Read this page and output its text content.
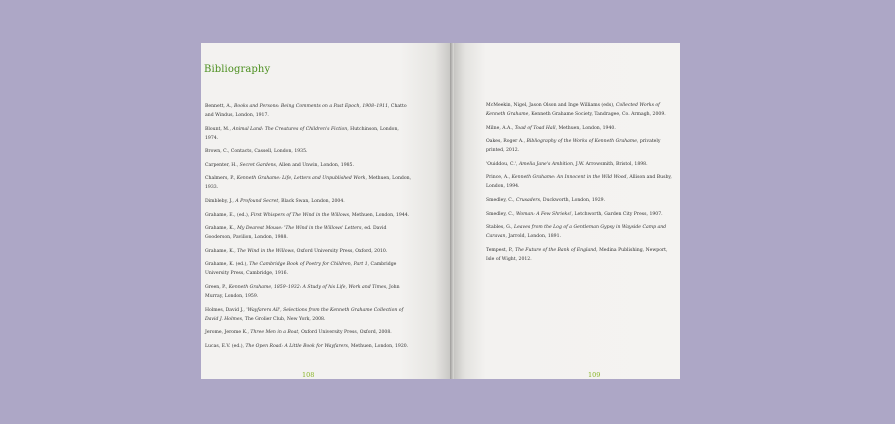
Bibliography
Bennett, A., Books and Persons: Being Comments on a Past Epoch, 1908–1911, Chatto and Windus, London, 1917.
Blount, M., Animal Land: The Creatures of Children's Fiction, Hutchinson, London, 1974.
Brown, C., Contacts, Cassell, London, 1935.
Carpenter, H., Secret Gardens, Allen and Unwin, London, 1985.
Chalmers, P., Kenneth Grahame: Life, Letters and Unpublished Work, Methuen, London, 1933.
Dimbleby, J., A Profound Secret, Black Swan, London, 2004.
Grahame, E., (ed.), First Whispers of The Wind in the Willows, Methuen, London, 1944.
Grahame, K., My Dearest Mouse: 'The Wind in the Willows' Letters, ed. David Gooderson, Pavilion, London, 1988.
Grahame, K., The Wind in the Willows, Oxford University Press, Oxford, 2010.
Grahame, K. (ed.), The Cambridge Book of Poetry for Children, Part 1, Cambridge University Press, Cambridge, 1916.
Green, P., Kenneth Grahame, 1859–1932: A Study of his Life, Work and Times, John Murray, London, 1959.
Holmes, David J., 'Wayfarers All', Selections from the Kenneth Grahame Collection of David J. Holmes, The Grolier Club, New York, 2008.
Jerome, Jerome K., Three Men in a Boat, Oxford University Press, Oxford, 2008.
Lucas, E.V. (ed.), The Open Road: A Little Book for Wayfarers, Methuen, London, 1920.
108
McMeekin, Nigel, Jason Olson and Inge Williams (eds), Collected Works of Kenneth Grahame, Kenneth Grahame Society, Tandragee, Co. Armagh, 2009.
Milne, A.A., Toad of Toad Hall, Methuen, London, 1940.
Oakes, Roger A., Bibliography of the Works of Kenneth Grahame, privately printed, 2012.
'Ouiddou, C.', Amelia Jane's Ambition, J.W. Arrowsmith, Bristol, 1898.
Prince, A., Kenneth Grahame: An Innocent in the Wild Wood, Allison and Busby, London, 1994.
Smedley, C., Crusaders, Duckworth, London, 1929.
Smedley, C., Woman: A Few Shrieks!, Letchworth, Garden City Press, 1907.
Stables, G., Leaves from the Log of a Gentleman Gypsy in Wayside Camp and Caravan, Jarrold, London, 1891.
Tempest, P., The Future of the Bank of England, Medina Publishing, Newport, Isle of Wight, 2012.
109
